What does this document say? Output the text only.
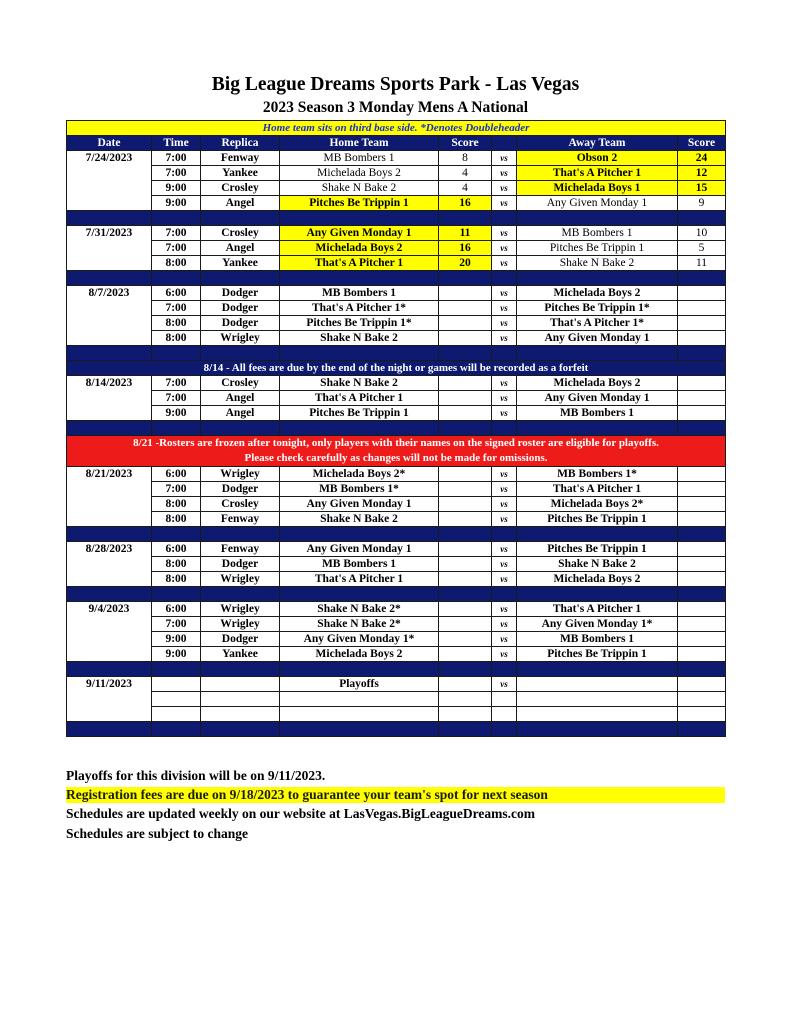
Big League Dreams Sports Park - Las Vegas
2023 Season 3 Monday Mens A National
Home team sits on third base side. *Denotes Doubleheader							
Date	Time	Replica	Home Team	Score		Away Team	Score
7/24/2023	7:00	Fenway	MB Bombers 1	8	vs	Obson 2	24
	7:00	Yankee	Michelada Boys 2	4	vs	That's A Pitcher 1	12
	9:00	Crosley	Shake N Bake 2	4	vs	Michelada Boys 1	15
	9:00	Angel	Pitches Be Trippin 1	16	vs	Any Given Monday 1	9

7/31/2023	7:00	Crosley	Any Given Monday 1	11	vs	MB Bombers 1	10
	7:00	Angel	Michelada Boys 2	16	vs	Pitches Be Trippin 1	5
	8:00	Yankee	That's A Pitcher 1	20	vs	Shake N Bake 2	11

8/7/2023	6:00	Dodger	MB Bombers 1		vs	Michelada Boys 2	
	7:00	Dodger	That's A Pitcher 1*		vs	Pitches Be Trippin 1*	
	8:00	Dodger	Pitches Be Trippin 1*		vs	That's A Pitcher 1*	
	8:00	Wrigley	Shake N Bake 2		vs	Any Given Monday 1	

8/14 - All fees are due by the end of the night or games will be recorded as a forfeit							
8/14/2023	7:00	Crosley	Shake N Bake 2		vs	Michelada Boys 2	
	7:00	Angel	That's A Pitcher 1		vs	Any Given Monday 1	
	9:00	Angel	Pitches Be Trippin 1		vs	MB Bombers 1	

8/21 -Rosters are frozen after tonight, only players with their names on the signed roster are eligible for playoffs.
Please check carefully as changes will not be made for omissions.							

8/21/2023	6:00	Wrigley	Michelada Boys 2*		vs	MB Bombers 1*	
	7:00	Dodger	MB Bombers 1*		vs	That's A Pitcher 1	
	8:00	Crosley	Any Given Monday 1		vs	Michelada Boys 2*	
	8:00	Fenway	Shake N Bake 2		vs	Pitches Be Trippin 1	

8/28/2023	6:00	Fenway	Any Given Monday 1		vs	Pitches Be Trippin 1	
	8:00	Dodger	MB Bombers 1		vs	Shake N Bake 2	
	8:00	Wrigley	That's A Pitcher 1		vs	Michelada Boys 2	

9/4/2023	6:00	Wrigley	Shake N Bake 2*		vs	That's A Pitcher 1	
	7:00	Wrigley	Shake N Bake 2*		vs	Any Given Monday 1*	
	9:00	Dodger	Any Given Monday 1*		vs	MB Bombers 1	
	9:00	Yankee	Michelada Boys 2		vs	Pitches Be Trippin 1	

9/11/2023			Playoffs		vs		

Playoffs for this division will be on 9/11/2023.
Registration fees are due on 9/18/2023 to guarantee your team's spot for next season
Schedules are updated weekly on our website at LasVegas.BigLeagueDreams.com
Schedules are subject to change
